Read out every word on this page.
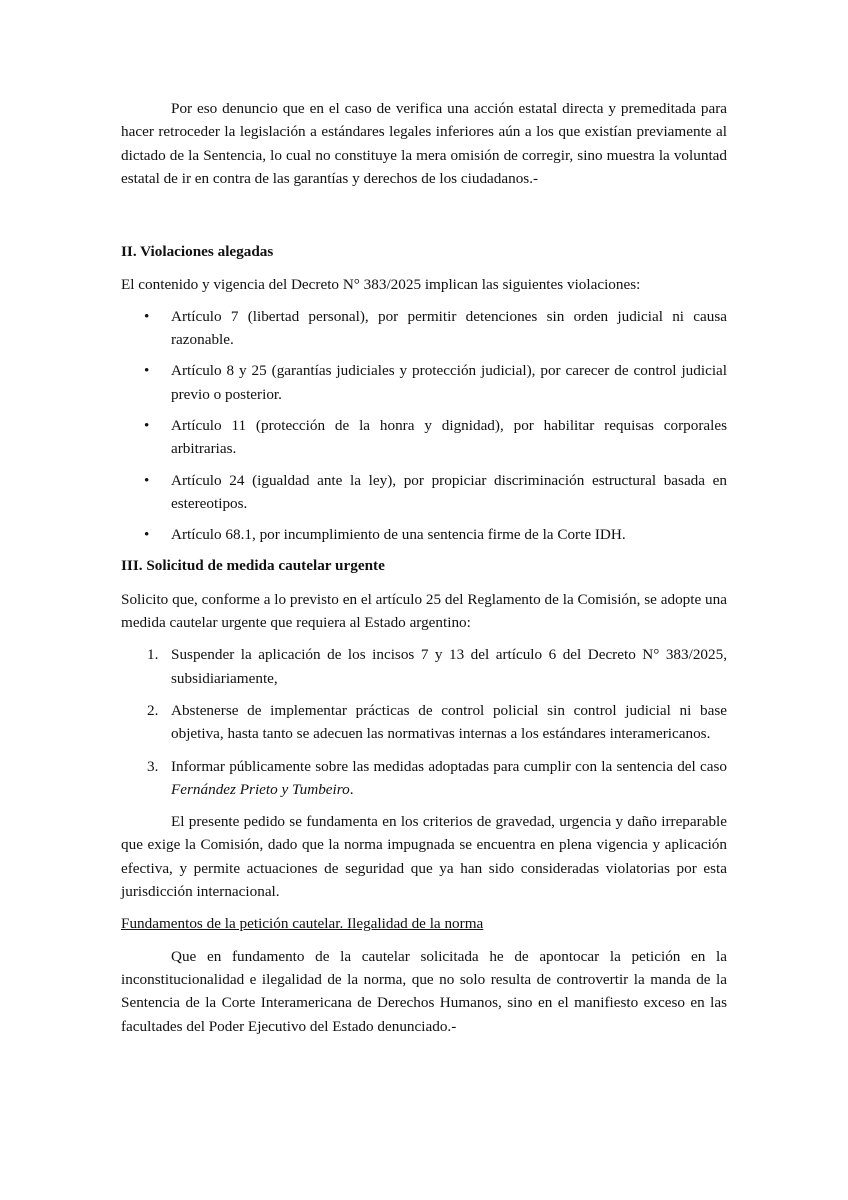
Por eso denuncio que en el caso de verifica una acción estatal directa y premeditada para hacer retroceder la legislación a estándares legales inferiores aún a los que existían previamente al dictado de la Sentencia, lo cual no constituye la mera omisión de corregir, sino muestra la voluntad estatal de ir en contra de las garantías y derechos de los ciudadanos.-

II. Violaciones alegadas

El contenido y vigencia del Decreto N° 383/2025 implican las siguientes violaciones:

• Artículo 7 (libertad personal), por permitir detenciones sin orden judicial ni causa razonable.
• Artículo 8 y 25 (garantías judiciales y protección judicial), por carecer de control judicial previo o posterior.
• Artículo 11 (protección de la honra y dignidad), por habilitar requisas corporales arbitrarias.
• Artículo 24 (igualdad ante la ley), por propiciar discriminación estructural basada en estereotipos.
• Artículo 68.1, por incumplimiento de una sentencia firme de la Corte IDH.
III. Solicitud de medida cautelar urgente

Solicito que, conforme a lo previsto en el artículo 25 del Reglamento de la Comisión, se adopte una medida cautelar urgente que requiera al Estado argentino:

1. Suspender la aplicación de los incisos 7 y 13 del artículo 6 del Decreto N° 383/2025, subsidiariamente,
2. Abstenerse de implementar prácticas de control policial sin control judicial ni base objetiva, hasta tanto se adecuen las normativas internas a los estándares interamericanos.
3. Informar públicamente sobre las medidas adoptadas para cumplir con la sentencia del caso Fernández Prieto y Tumbeiro.

El presente pedido se fundamenta en los criterios de gravedad, urgencia y daño irreparable que exige la Comisión, dado que la norma impugnada se encuentra en plena vigencia y aplicación efectiva, y permite actuaciones de seguridad que ya han sido consideradas violatorias por esta jurisdicción internacional.

Fundamentos de la petición cautelar. Ilegalidad de la norma

Que en fundamento de la cautelar solicitada he de apontocar la petición en la inconstitucionalidad e ilegalidad de la norma, que no solo resulta de controvertir la manda de la Sentencia de la Corte Interamericana de Derechos Humanos, sino en el manifiesto exceso en las facultades del Poder Ejecutivo del Estado denunciado.-
